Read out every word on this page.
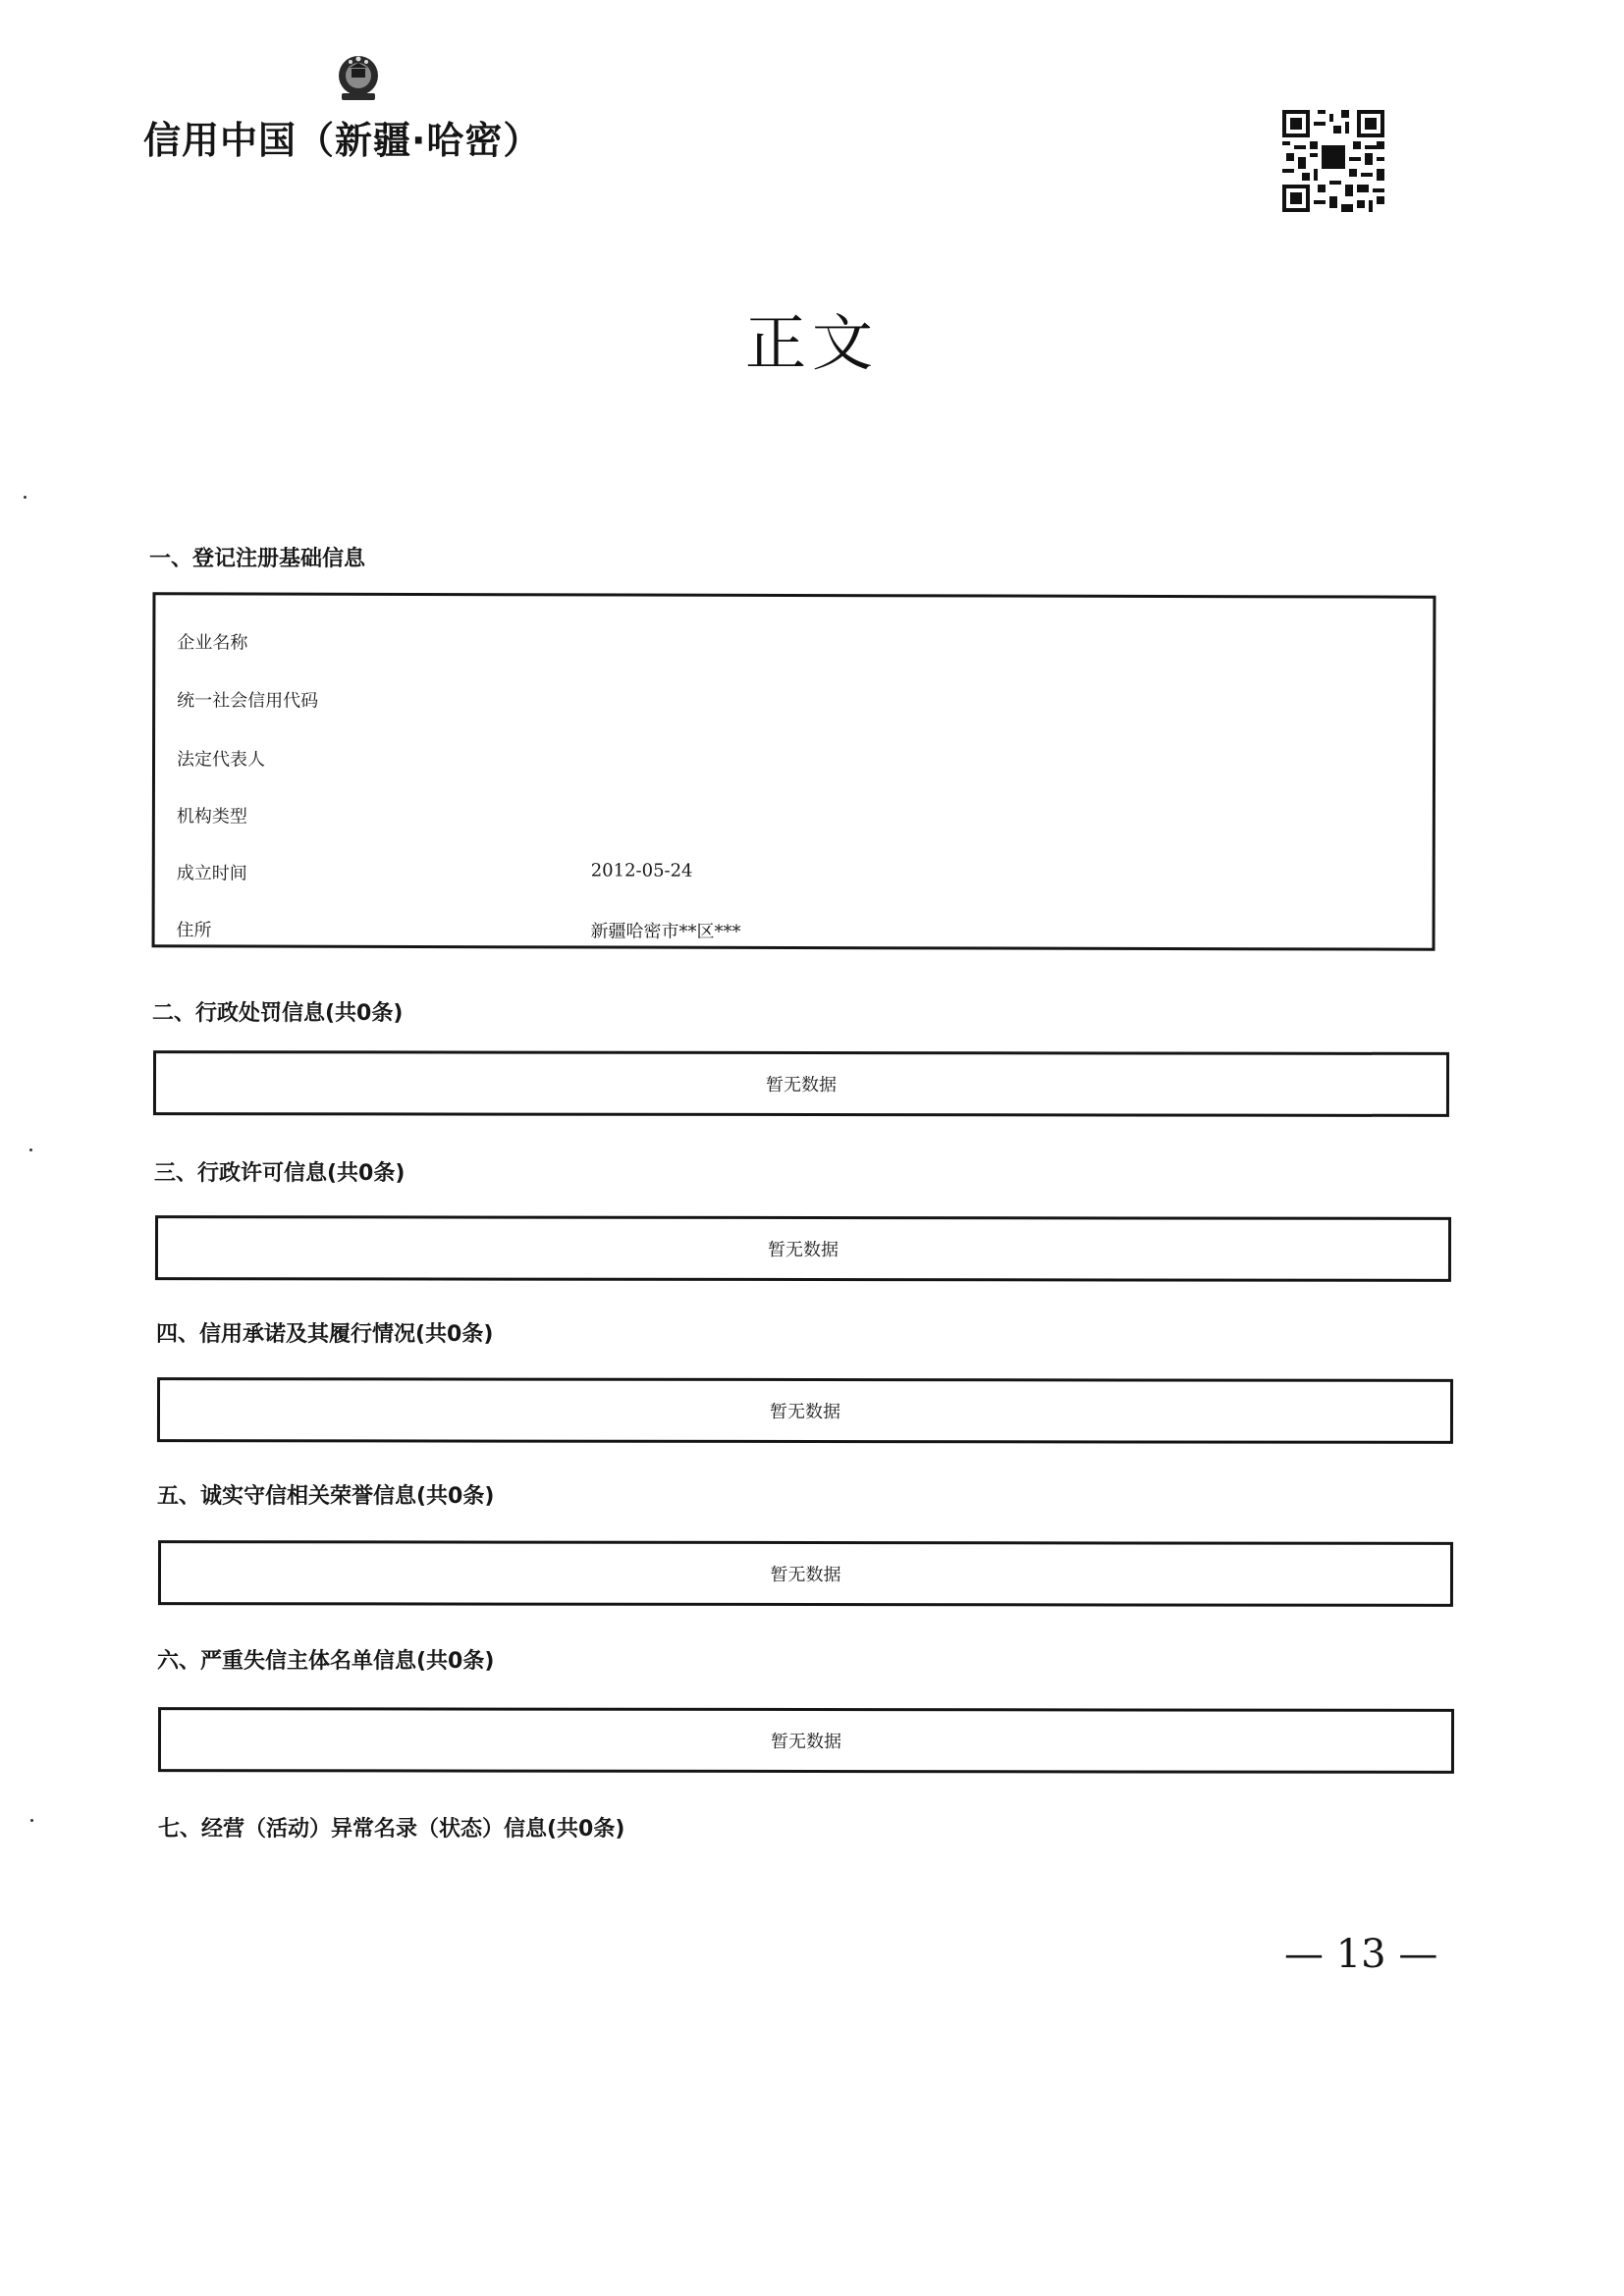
信用中国（新疆·哈密）
正文
一、登记注册基础信息
企业名称
统一社会信用代码
法定代表人
机构类型
成立时间	2012-05-24
住所	新疆哈密市**区***
二、行政处罚信息(共0条)
暂无数据
三、行政许可信息(共0条)
暂无数据
四、信用承诺及其履行情况(共0条)
暂无数据
五、诚实守信相关荣誉信息(共0条)
暂无数据
六、严重失信主体名单信息(共0条)
暂无数据
七、经营（活动）异常名录（状态）信息(共0条)
— 13 —
